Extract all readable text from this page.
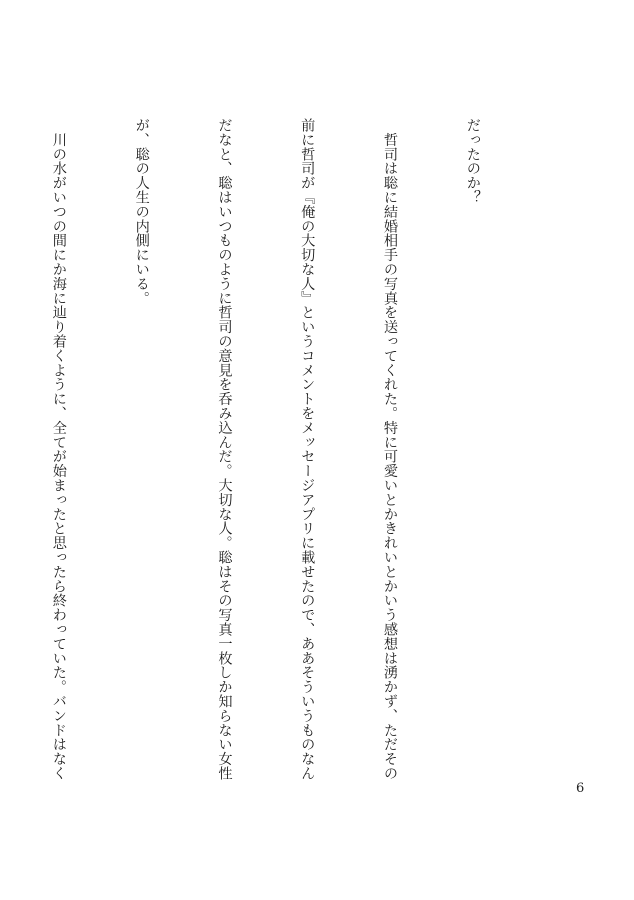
だったのか？

　哲司は聡に結婚相手の写真を送ってくれた。特に可愛いとかきれいとかいう感想は湧かず、ただその

前に哲司が『俺の大切な人』というコメントをメッセージアプリに載せたので、ああそういうものなん

だなと、聡はいつものように哲司の意見を呑み込んだ。大切な人。聡はその写真一枚しか知らない女性

が、聡の人生の内側にいる。

　川の水がいつの間にか海に辿り着くように、全てが始まったと思ったら終わっていた。バンドはなく

6
